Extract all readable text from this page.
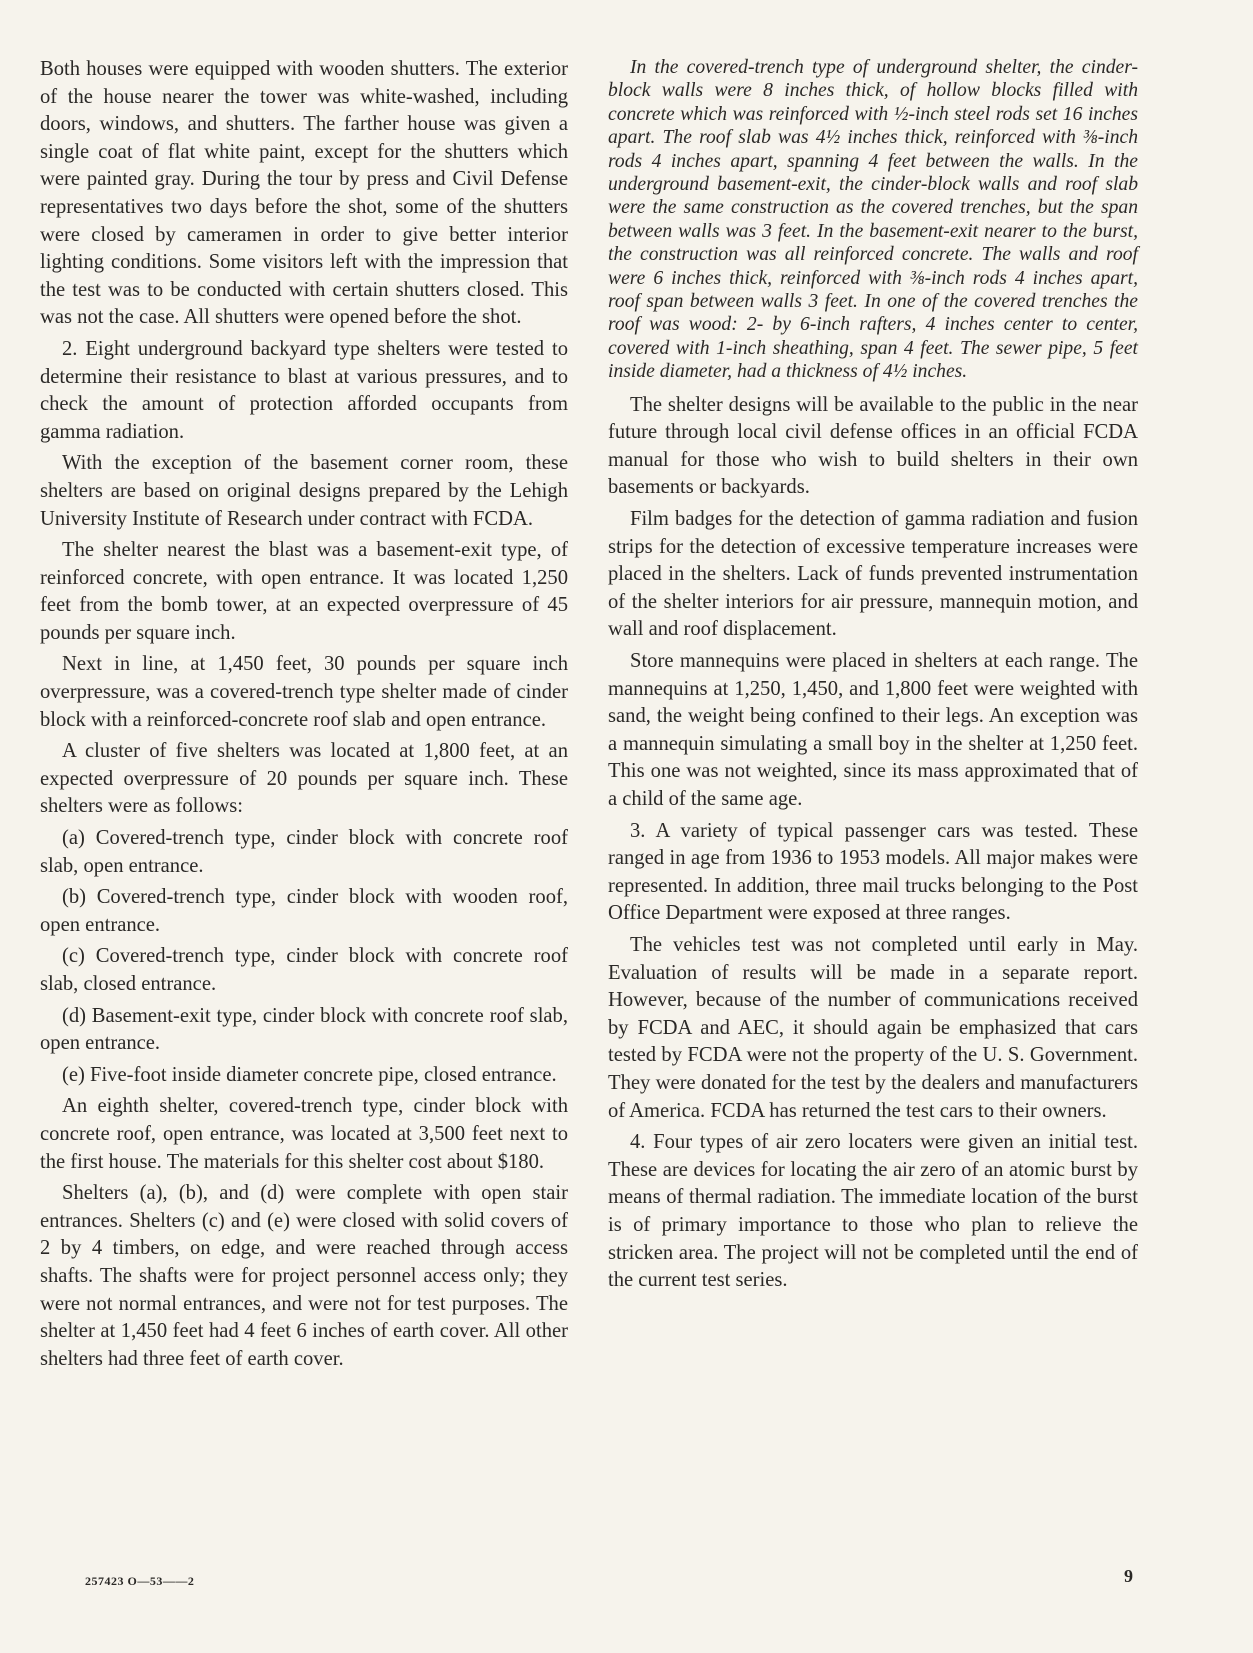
Both houses were equipped with wooden shutters. The exterior of the house nearer the tower was white-washed, including doors, windows, and shutters. The farther house was given a single coat of flat white paint, except for the shutters which were painted gray. During the tour by press and Civil Defense representatives two days before the shot, some of the shutters were closed by cameramen in order to give better interior lighting conditions. Some visitors left with the impression that the test was to be conducted with certain shutters closed. This was not the case. All shutters were opened before the shot.

2. Eight underground backyard type shelters were tested to determine their resistance to blast at various pressures, and to check the amount of protection afforded occupants from gamma radiation.

With the exception of the basement corner room, these shelters are based on original designs prepared by the Lehigh University Institute of Research under contract with FCDA.

The shelter nearest the blast was a basement-exit type, of reinforced concrete, with open entrance. It was located 1,250 feet from the bomb tower, at an expected overpressure of 45 pounds per square inch.

Next in line, at 1,450 feet, 30 pounds per square inch overpressure, was a covered-trench type shelter made of cinder block with a reinforced-concrete roof slab and open entrance.

A cluster of five shelters was located at 1,800 feet, at an expected overpressure of 20 pounds per square inch. These shelters were as follows:

(a) Covered-trench type, cinder block with concrete roof slab, open entrance.

(b) Covered-trench type, cinder block with wooden roof, open entrance.

(c) Covered-trench type, cinder block with concrete roof slab, closed entrance.

(d) Basement-exit type, cinder block with concrete roof slab, open entrance.

(e) Five-foot inside diameter concrete pipe, closed entrance.

An eighth shelter, covered-trench type, cinder block with concrete roof, open entrance, was located at 3,500 feet next to the first house. The materials for this shelter cost about $180.

Shelters (a), (b), and (d) were complete with open stair entrances. Shelters (c) and (e) were closed with solid covers of 2 by 4 timbers, on edge, and were reached through access shafts. The shafts were for project personnel access only; they were not normal entrances, and were not for test purposes. The shelter at 1,450 feet had 4 feet 6 inches of earth cover. All other shelters had three feet of earth cover.

In the covered-trench type of underground shelter, the cinder-block walls were 8 inches thick, of hollow blocks filled with concrete which was reinforced with ½-inch steel rods set 16 inches apart. The roof slab was 4½ inches thick, reinforced with ⅜-inch rods 4 inches apart, spanning 4 feet between the walls. In the underground basement-exit, the cinder-block walls and roof slab were the same construction as the covered trenches, but the span between walls was 3 feet. In the basement-exit nearer to the burst, the construction was all reinforced concrete. The walls and roof were 6 inches thick, reinforced with ⅜-inch rods 4 inches apart, roof span between walls 3 feet. In one of the covered trenches the roof was wood: 2- by 6-inch rafters, 4 inches center to center, covered with 1-inch sheathing, span 4 feet. The sewer pipe, 5 feet inside diameter, had a thickness of 4½ inches.

The shelter designs will be available to the public in the near future through local civil defense offices in an official FCDA manual for those who wish to build shelters in their own basements or backyards.

Film badges for the detection of gamma radiation and fusion strips for the detection of excessive temperature increases were placed in the shelters. Lack of funds prevented instrumentation of the shelter interiors for air pressure, mannequin motion, and wall and roof displacement.

Store mannequins were placed in shelters at each range. The mannequins at 1,250, 1,450, and 1,800 feet were weighted with sand, the weight being confined to their legs. An exception was a mannequin simulating a small boy in the shelter at 1,250 feet. This one was not weighted, since its mass approximated that of a child of the same age.

3. A variety of typical passenger cars was tested. These ranged in age from 1936 to 1953 models. All major makes were represented. In addition, three mail trucks belonging to the Post Office Department were exposed at three ranges.

The vehicles test was not completed until early in May. Evaluation of results will be made in a separate report. However, because of the number of communications received by FCDA and AEC, it should again be emphasized that cars tested by FCDA were not the property of the U. S. Government. They were donated for the test by the dealers and manufacturers of America. FCDA has returned the test cars to their owners.

4. Four types of air zero locaters were given an initial test. These are devices for locating the air zero of an atomic burst by means of thermal radiation. The immediate location of the burst is of primary importance to those who plan to relieve the stricken area. The project will not be completed until the end of the current test series.

257423 O—53——2	9
